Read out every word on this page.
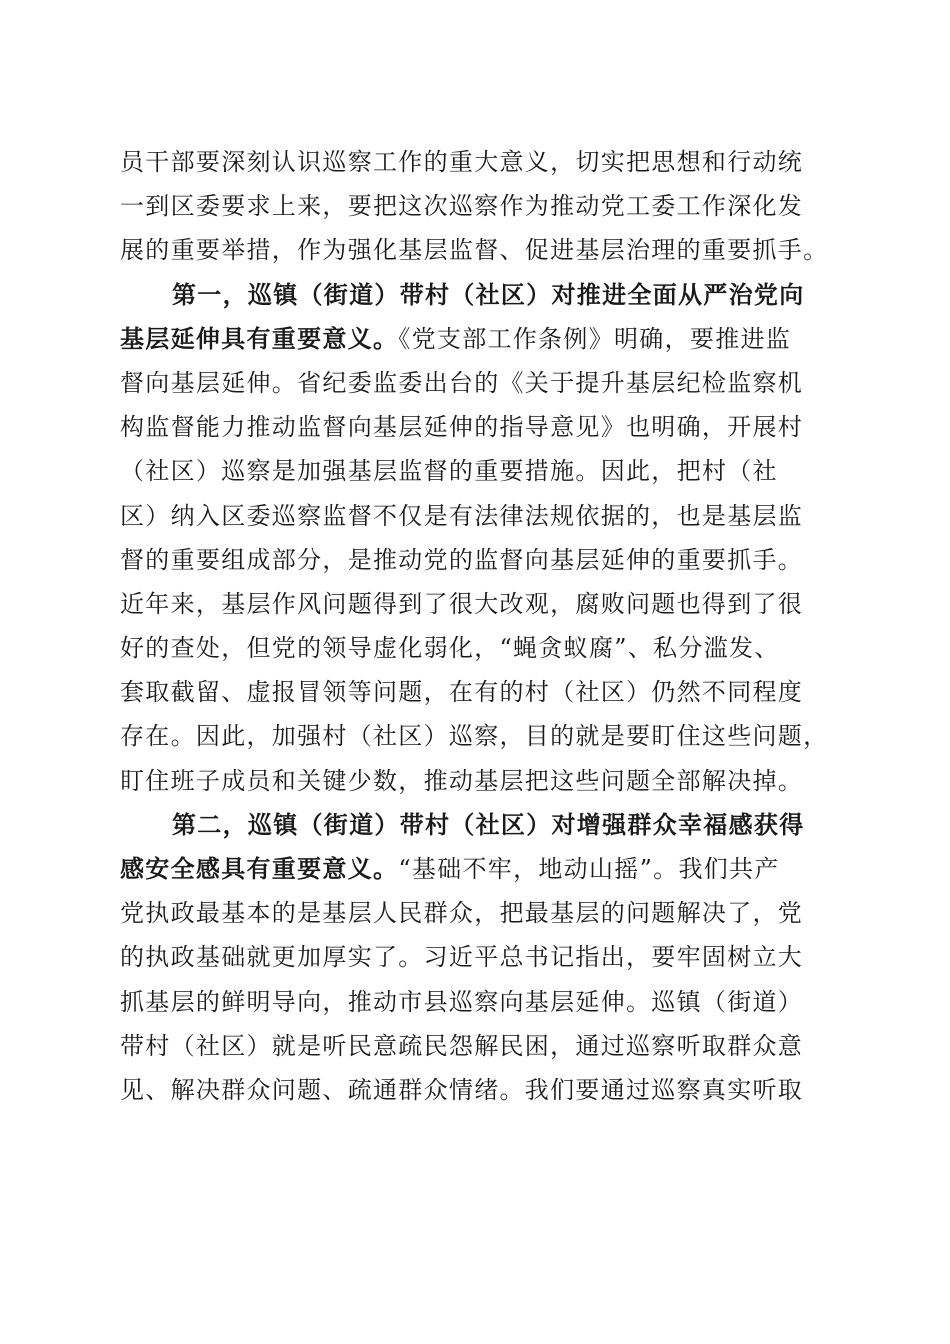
员干部要深刻认识巡察工作的重大意义，切实把思想和行动统
一到区委要求上来，要把这次巡察作为推动党工委工作深化发
展的重要举措，作为强化基层监督、促进基层治理的重要抓手。
第一，巡镇（街道）带村（社区）对推进全面从严治党向
基层延伸具有重要意义。《党支部工作条例》明确，要推进监
督向基层延伸。省纪委监委出台的《关于提升基层纪检监察机
构监督能力推动监督向基层延伸的指导意见》也明确，开展村
（社区）巡察是加强基层监督的重要措施。因此，把村（社
区）纳入区委巡察监督不仅是有法律法规依据的，也是基层监
督的重要组成部分，是推动党的监督向基层延伸的重要抓手。
近年来，基层作风问题得到了很大改观，腐败问题也得到了很
好的查处，但党的领导虚化弱化，“蝇贪蚁腐”、私分滥发、
套取截留、虚报冒领等问题，在有的村（社区）仍然不同程度
存在。因此，加强村（社区）巡察，目的就是要盯住这些问题，
盯住班子成员和关键少数，推动基层把这些问题全部解决掉。
第二，巡镇（街道）带村（社区）对增强群众幸福感获得
感安全感具有重要意义。“基础不牢，地动山摇”。我们共产
党执政最基本的是基层人民群众，把最基层的问题解决了，党
的执政基础就更加厚实了。习近平总书记指出，要牢固树立大
抓基层的鲜明导向，推动市县巡察向基层延伸。巡镇（街道）
带村（社区）就是听民意疏民怨解民困，通过巡察听取群众意
见、解决群众问题、疏通群众情绪。我们要通过巡察真实听取
